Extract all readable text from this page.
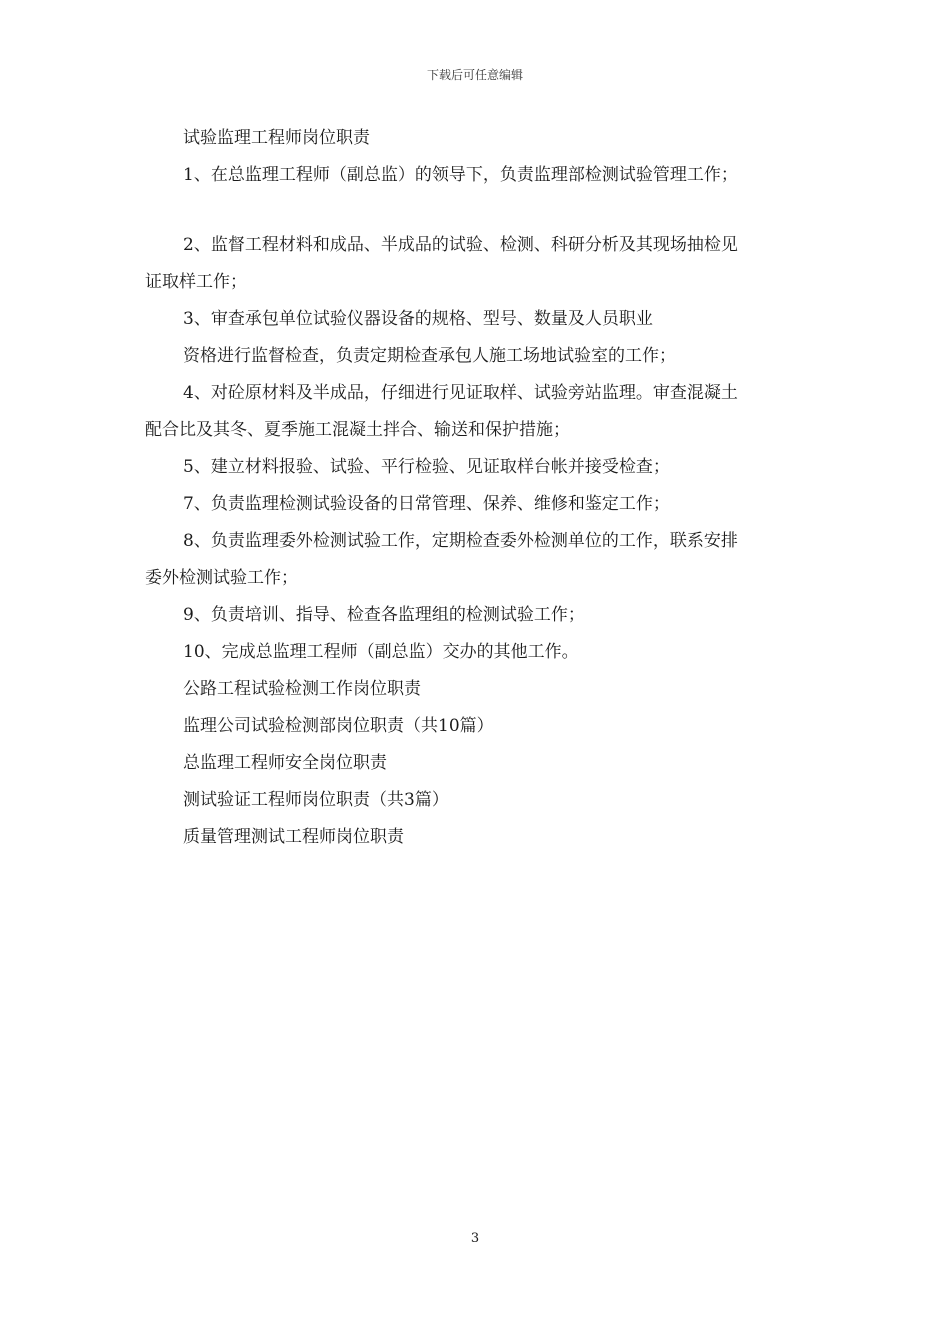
下载后可任意编辑
试验监理工程师岗位职责
1、在总监理工程师（副总监）的领导下，负责监理部检测试验管理工作；
2、监督工程材料和成品、半成品的试验、检测、科研分析及其现场抽检见
证取样工作；
3、审查承包单位试验仪器设备的规格、型号、数量及人员职业
资格进行监督检查，负责定期检查承包人施工场地试验室的工作；
4、对砼原材料及半成品，仔细进行见证取样、试验旁站监理。审查混凝土
配合比及其冬、夏季施工混凝土拌合、输送和保护措施；
5、建立材料报验、试验、平行检验、见证取样台帐并接受检查；
7、负责监理检测试验设备的日常管理、保养、维修和鉴定工作；
8、负责监理委外检测试验工作，定期检查委外检测单位的工作，联系安排
委外检测试验工作；
9、负责培训、指导、检查各监理组的检测试验工作；
10、完成总监理工程师（副总监）交办的其他工作。
公路工程试验检测工作岗位职责
监理公司试验检测部岗位职责（共10篇）
总监理工程师安全岗位职责
测试验证工程师岗位职责（共3篇）
质量管理测试工程师岗位职责
3
